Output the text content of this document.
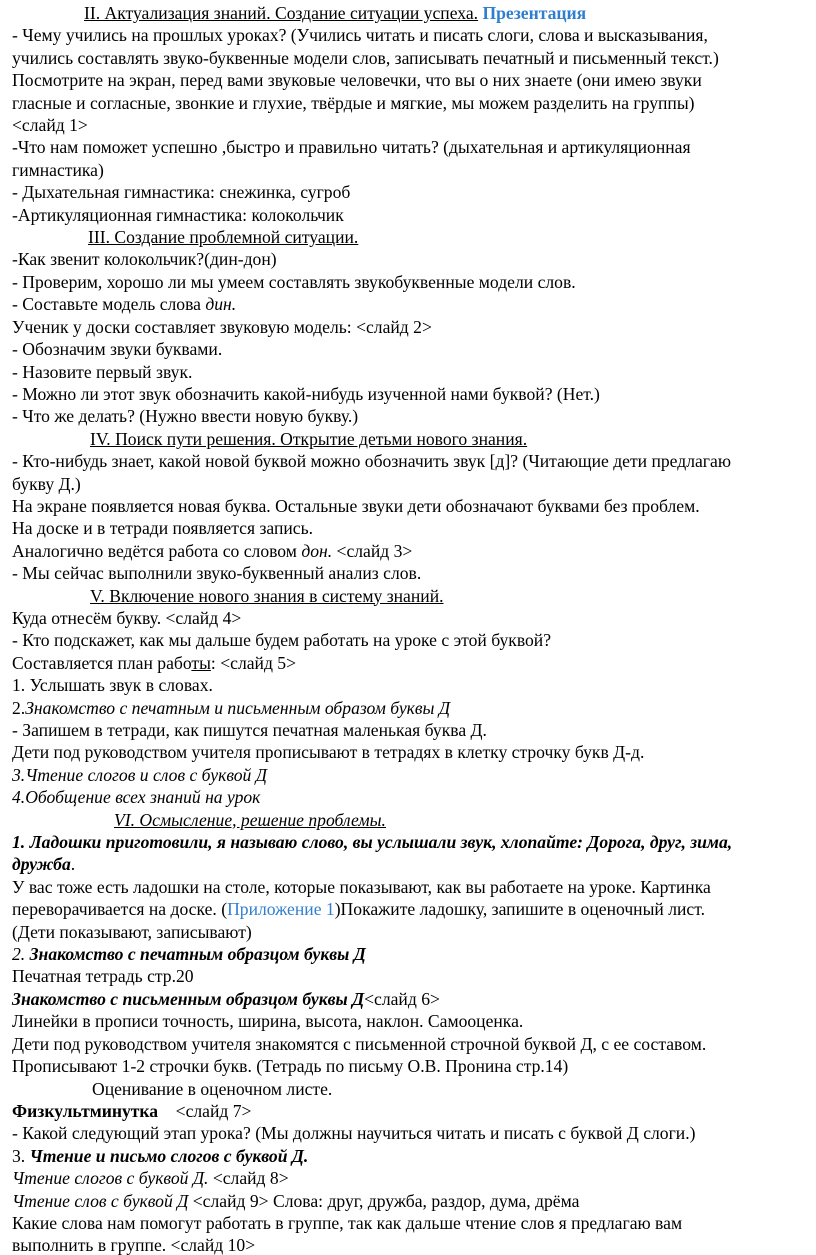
II. Актуализация знаний. Создание ситуации успеха. Презентация
- Чему учились на прошлых уроках? (Учились читать и писать слоги, слова и высказывания,
учились составлять звуко-буквенные модели слов, записывать печатный и письменный текст.)
Посмотрите на экран, перед вами звуковые человечки, что вы о них знаете (они имею звуки
гласные и согласные, звонкие и глухие, твёрдые и мягкие, мы можем разделить на группы)
<слайд 1>
-Что нам поможет успешно ,быстро и правильно читать? (дыхательная и артикуляционная
гимнастика)
- Дыхательная гимнастика: снежинка, сугроб
-Артикуляционная гимнастика: колокольчик
III. Создание проблемной ситуации.
-Как звенит колокольчик?(дин-дон)
- Проверим, хорошо ли мы умеем составлять звукобуквенные модели слов.
- Составьте модель слова дин.
Ученик у доски составляет звуковую модель: <слайд 2>
- Обозначим звуки буквами.
- Назовите первый звук.
- Можно ли этот звук обозначить какой-нибудь изученной нами буквой? (Нет.)
- Что же делать? (Нужно ввести новую букву.)
IV. Поиск пути решения. Открытие детьми нового знания.
- Кто-нибудь знает, какой новой буквой можно обозначить звук [д]? (Читающие дети предлагаю
букву Д.)
На экране появляется новая буква. Остальные звуки дети обозначают буквами без проблем.
На доске и в тетради появляется запись.
Аналогично ведётся работа со словом дон. <слайд 3>
- Мы сейчас выполнили звуко-буквенный анализ слов.
V. Включение нового знания в систему знаний.
Куда отнесём букву. <слайд 4>
- Кто подскажет, как мы дальше будем работать на уроке с этой буквой?
Составляется план работы: <слайд 5>
1. Услышать звук в словах.
2.Знакомство с печатным и письменным образом буквы Д
- Запишем в тетради, как пишутся печатная маленькая буква Д.
Дети под руководством учителя прописывают в тетрадях в клетку строчку букв Д-д.
3.Чтение слогов и слов с буквой Д
4.Обобщение всех знаний на урок
VI. Осмысление, решение проблемы.
1. Ладошки приготовили, я называю слово, вы услышали звук, хлопайте: Дорога, друг, зима,
дружба.
У вас тоже есть ладошки на столе, которые показывают, как вы работаете на уроке. Картинка
переворачивается на доске. (Приложение 1)Покажите ладошку, запишите в оценочный лист.
(Дети показывают, записывают)
2. Знакомство с печатным образцом буквы Д
Печатная тетрадь стр.20
Знакомство с письменным образцом буквы Д<слайд 6>
Линейки в прописи точность, ширина, высота, наклон. Самооценка.
Дети под руководством учителя знакомятся с письменной строчной буквой Д, с ее составом.
Прописывают 1-2 строчки букв. (Тетрадь по письму О.В. Пронина стр.14)
Оценивание в оценочном листе.
Физкультминутка    <слайд 7>
- Какой следующий этап урока? (Мы должны научиться читать и писать с буквой Д слоги.)
3. Чтение и письмо слогов с буквой Д.
Чтение слогов с буквой Д. <слайд 8>
Чтение слов с буквой Д <слайд 9> Слова: друг, дружба, раздор, дума, дрёма
Какие слова нам помогут работать в группе, так как дальше чтение слов я предлагаю вам
выполнить в группе. <слайд 10>
